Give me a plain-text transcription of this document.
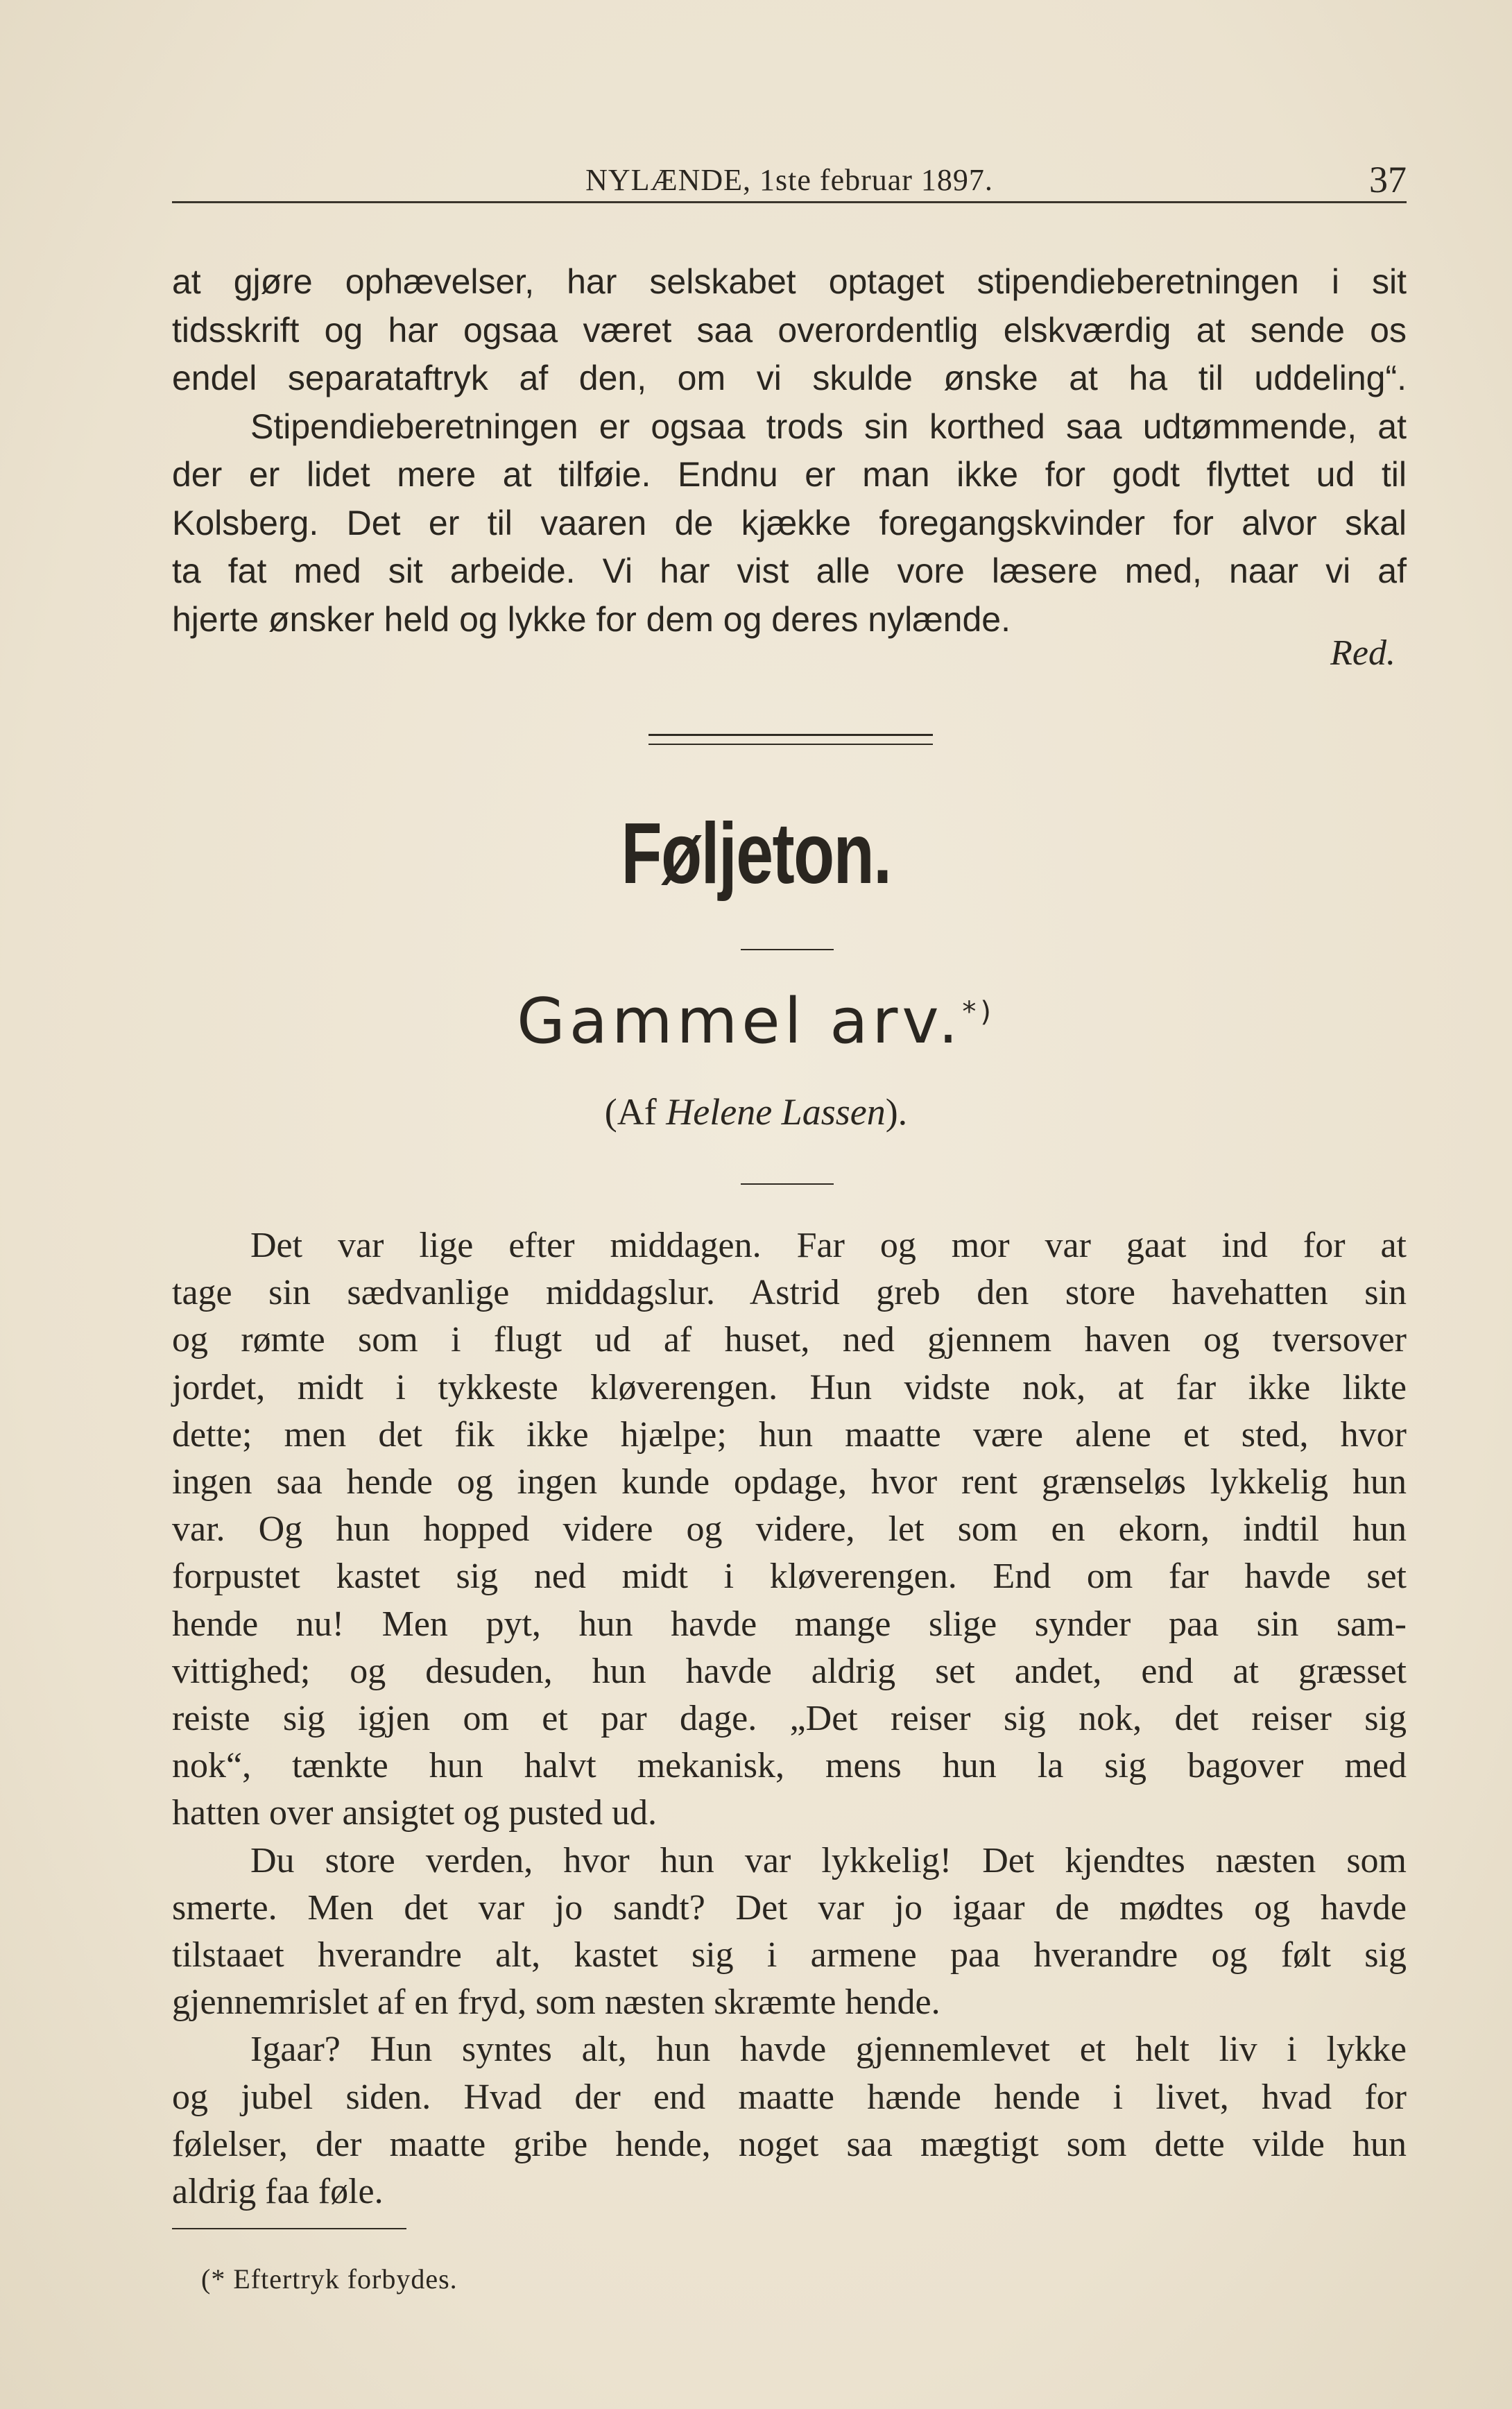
NYLÆNDE, 1ste februar 1897.	37
at gjøre ophævelser, har selskabet optaget stipendieberetningen i sit
tidsskrift og har ogsaa været saa overordentlig elskværdig at sende os
endel separataftryk af den, om vi skulde ønske at ha til uddeling“.
Stipendieberetningen er ogsaa trods sin korthed saa udtømmende, at
der er lidet mere at tilføie. Endnu er man ikke for godt flyttet ud til
Kolsberg. Det er til vaaren de kjække foregangskvinder for alvor skal
ta fat med sit arbeide. Vi har vist alle vore læsere med, naar vi af
hjerte ønsker held og lykke for dem og deres nylænde.
Red.
Føljeton.
Gammel arv.*)
(Af Helene Lassen).
Det var lige efter middagen. Far og mor var gaat ind for at
tage sin sædvanlige middagslur. Astrid greb den store havehatten sin
og rømte som i flugt ud af huset, ned gjennem haven og tversover
jordet, midt i tykkeste kløverengen. Hun vidste nok, at far ikke likte
dette; men det fik ikke hjælpe; hun maatte være alene et sted, hvor
ingen saa hende og ingen kunde opdage, hvor rent grænseløs lykkelig hun
var. Og hun hopped videre og videre, let som en ekorn, indtil hun
forpustet kastet sig ned midt i kløverengen. End om far havde set
hende nu! Men pyt, hun havde mange slige synder paa sin sam-
vittighed; og desuden, hun havde aldrig set andet, end at græsset
reiste sig igjen om et par dage. „Det reiser sig nok, det reiser sig
nok“, tænkte hun halvt mekanisk, mens hun la sig bagover med
hatten over ansigtet og pusted ud.
Du store verden, hvor hun var lykkelig! Det kjendtes næsten som
smerte. Men det var jo sandt? Det var jo igaar de mødtes og havde
tilstaaet hverandre alt, kastet sig i armene paa hverandre og følt sig
gjennemrislet af en fryd, som næsten skræmte hende.
Igaar? Hun syntes alt, hun havde gjennemlevet et helt liv i lykke
og jubel siden. Hvad der end maatte hænde hende i livet, hvad for
følelser, der maatte gribe hende, noget saa mægtigt som dette vilde hun
aldrig faa føle.
(* Eftertryk forbydes.
